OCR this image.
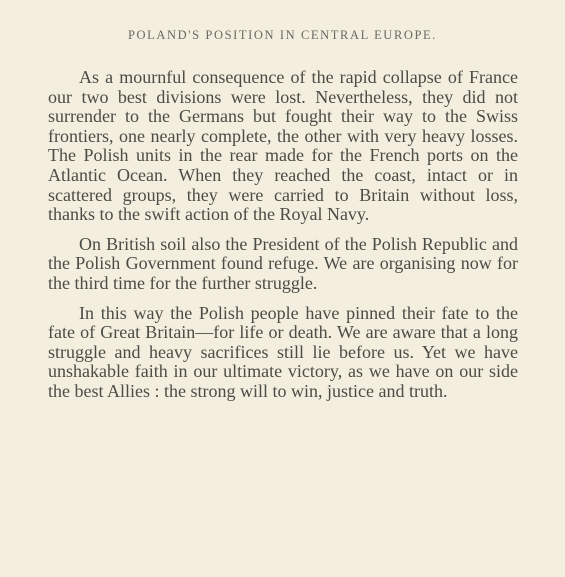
POLAND'S POSITION IN CENTRAL EUROPE.

As a mournful consequence of the rapid collapse of France our two best divisions were lost. Nevertheless, they did not surrender to the Germans but fought their way to the Swiss frontiers, one nearly complete, the other with very heavy losses. The Polish units in the rear made for the French ports on the Atlantic Ocean. When they reached the coast, intact or in scattered groups, they were carried to Britain without loss, thanks to the swift action of the Royal Navy.

On British soil also the President of the Polish Republic and the Polish Government found refuge. We are organising now for the third time for the further struggle.

In this way the Polish people have pinned their fate to the fate of Great Britain—for life or death. We are aware that a long struggle and heavy sacrifices still lie before us. Yet we have unshakable faith in our ultimate victory, as we have on our side the best Allies : the strong will to win, justice and truth.
